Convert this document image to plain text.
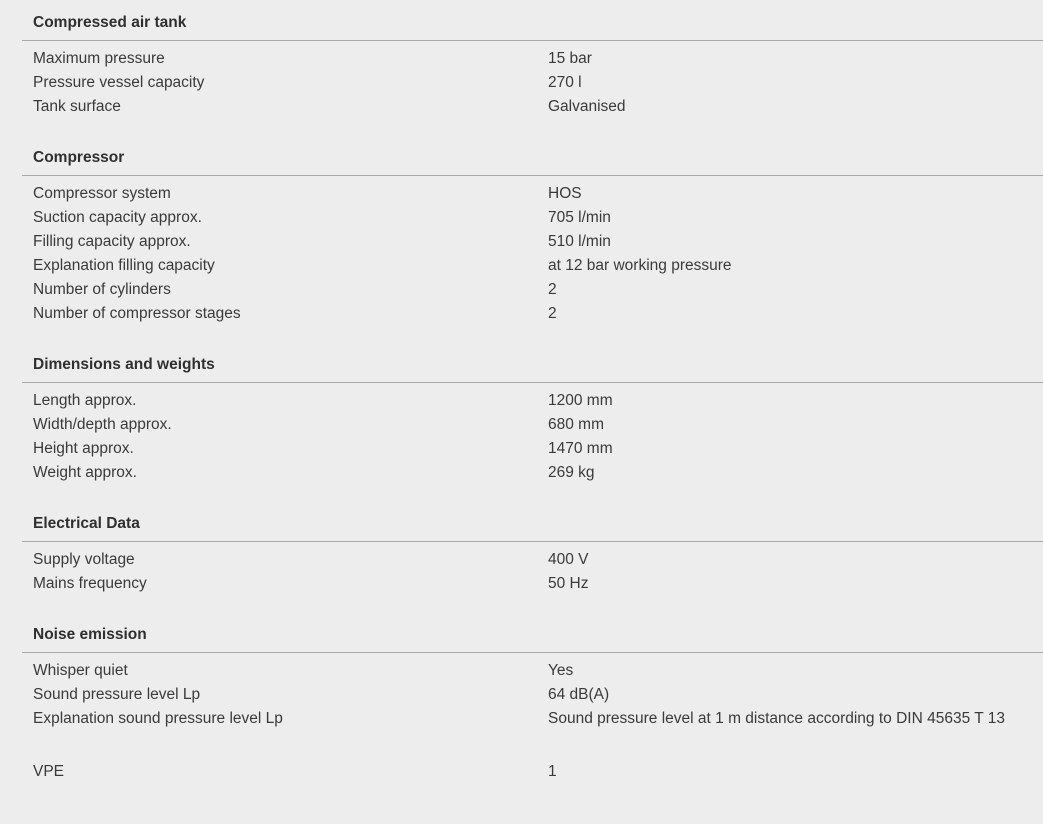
Compressed air tank
Maximum pressure	15 bar
Pressure vessel capacity	270 l
Tank surface	Galvanised
Compressor
Compressor system	HOS
Suction capacity approx.	705 l/min
Filling capacity approx.	510 l/min
Explanation filling capacity	at 12 bar working pressure
Number of cylinders	2
Number of compressor stages	2
Dimensions and weights
Length approx.	1200 mm
Width/depth approx.	680 mm
Height approx.	1470 mm
Weight approx.	269 kg
Electrical Data
Supply voltage	400 V
Mains frequency	50 Hz
Noise emission
Whisper quiet	Yes
Sound pressure level Lp	64 dB(A)
Explanation sound pressure level Lp	Sound pressure level at 1 m distance according to DIN 45635 T 13
VPE	1
